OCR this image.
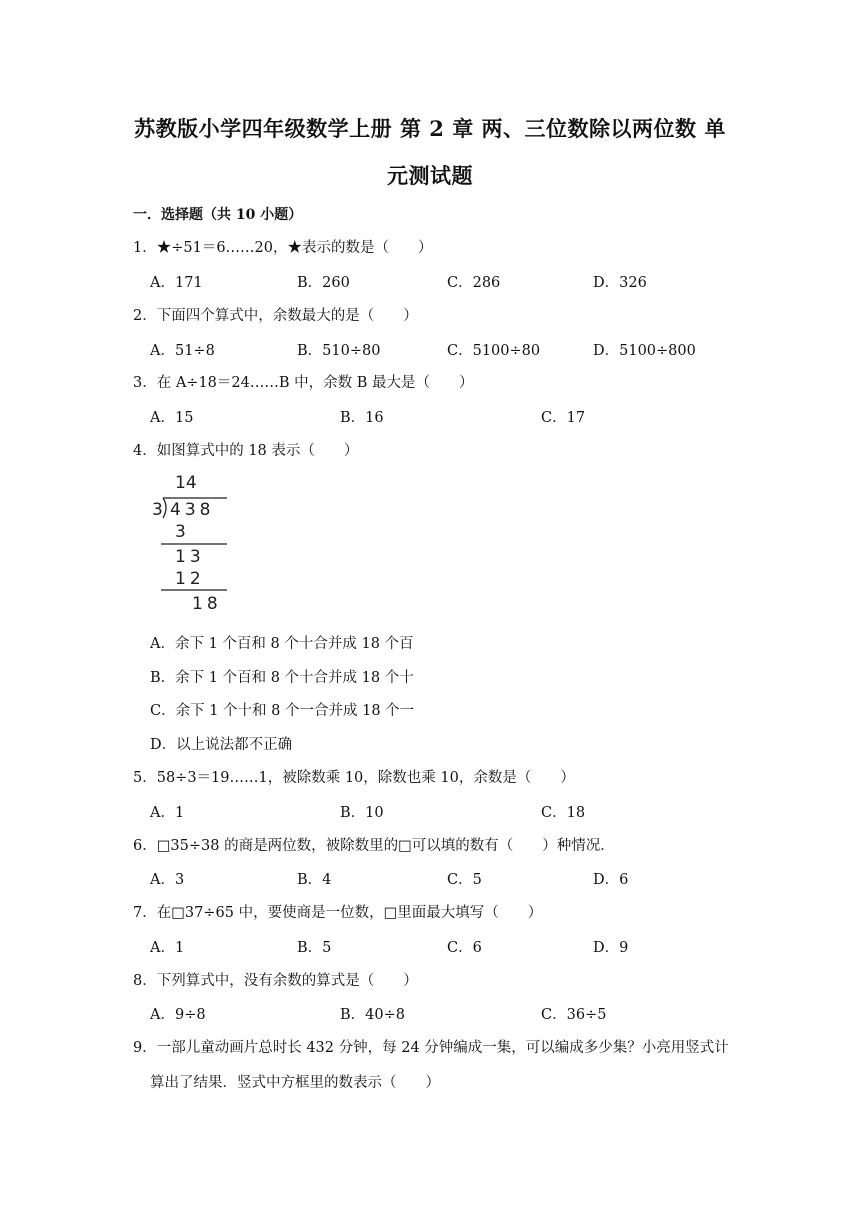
苏教版小学四年级数学上册 第 2 章 两、三位数除以两位数 单
元测试题
一．选择题（共 10 小题）
1．★÷51＝6……20，★表示的数是（　　）
A．171	B．260	C．286	D．326
2．下面四个算式中，余数最大的是（　　）
A．51÷8	B．510÷80	C．5100÷80	D．5100÷800
3．在 A÷18＝24……B 中，余数 B 最大是（　　）
A．15	B．16	C．17
4．如图算式中的 18 表示（　　）
14
3 438
3
13
12
18
A．余下 1 个百和 8 个十合并成 18 个百
B．余下 1 个百和 8 个十合并成 18 个十
C．余下 1 个十和 8 个一合并成 18 个一
D．以上说法都不正确
5．58÷3＝19……1，被除数乘 10，除数也乘 10，余数是（　　）
A．1	B．10	C．18
6．□35÷38 的商是两位数，被除数里的□可以填的数有（　　）种情况．
A．3	B．4	C．5	D．6
7．在□37÷65 中，要使商是一位数，□里面最大填写（　　）
A．1	B．5	C．6	D．9
8．下列算式中，没有余数的算式是（　　）
A．9÷8	B．40÷8	C．36÷5
9．一部儿童动画片总时长 432 分钟，每 24 分钟编成一集，可以编成多少集？小亮用竖式计
算出了结果．竖式中方框里的数表示（　　）
